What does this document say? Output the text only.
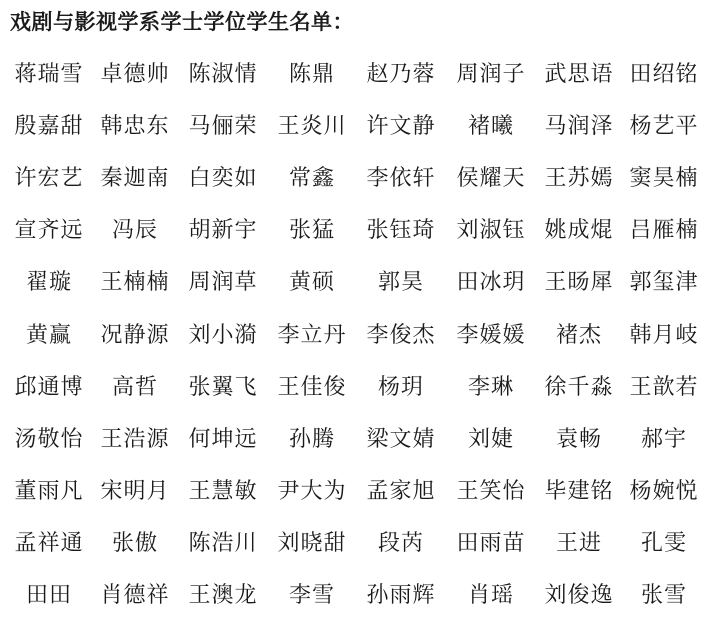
戏剧与影视学系学士学位学生名单：
蒋瑞雪 卓德帅 陈淑情	陈鼎	赵乃蓉 周润子 武思语 田绍铭
殷嘉甜 韩忠东 马俪荣 王炎川 许文静	褚曦	马润泽 杨艺平
许宏艺 秦迦南 白奕如	常鑫	李依轩 侯耀天 王苏嫣 窦昊楠
宣齐远	冯辰	胡新宇	张猛	张钰琦 刘淑钰 姚成焜 吕雁楠
翟璇	王楠楠 周润草	黄硕	郭昊	田冰玥 王旸犀 郭玺津
黄赢	况静源 刘小漪 李立丹 李俊杰 李媛媛	褚杰	韩月岐
邱通博	高哲	张翼飞 王佳俊	杨玥	李琳	徐千淼 王歆若
汤敬怡 王浩源 何坤远	孙腾	梁文婧	刘婕	袁畅	郝宇
董雨凡 宋明月 王慧敏 尹大为 孟家旭 王笑怡 毕建铭 杨婉悦
孟祥通	张傲	陈浩川 刘晓甜	段芮	田雨苗	王进	孔雯
田田	肖德祥 王澳龙	李雪	孙雨辉	肖瑶	刘俊逸	张雪
